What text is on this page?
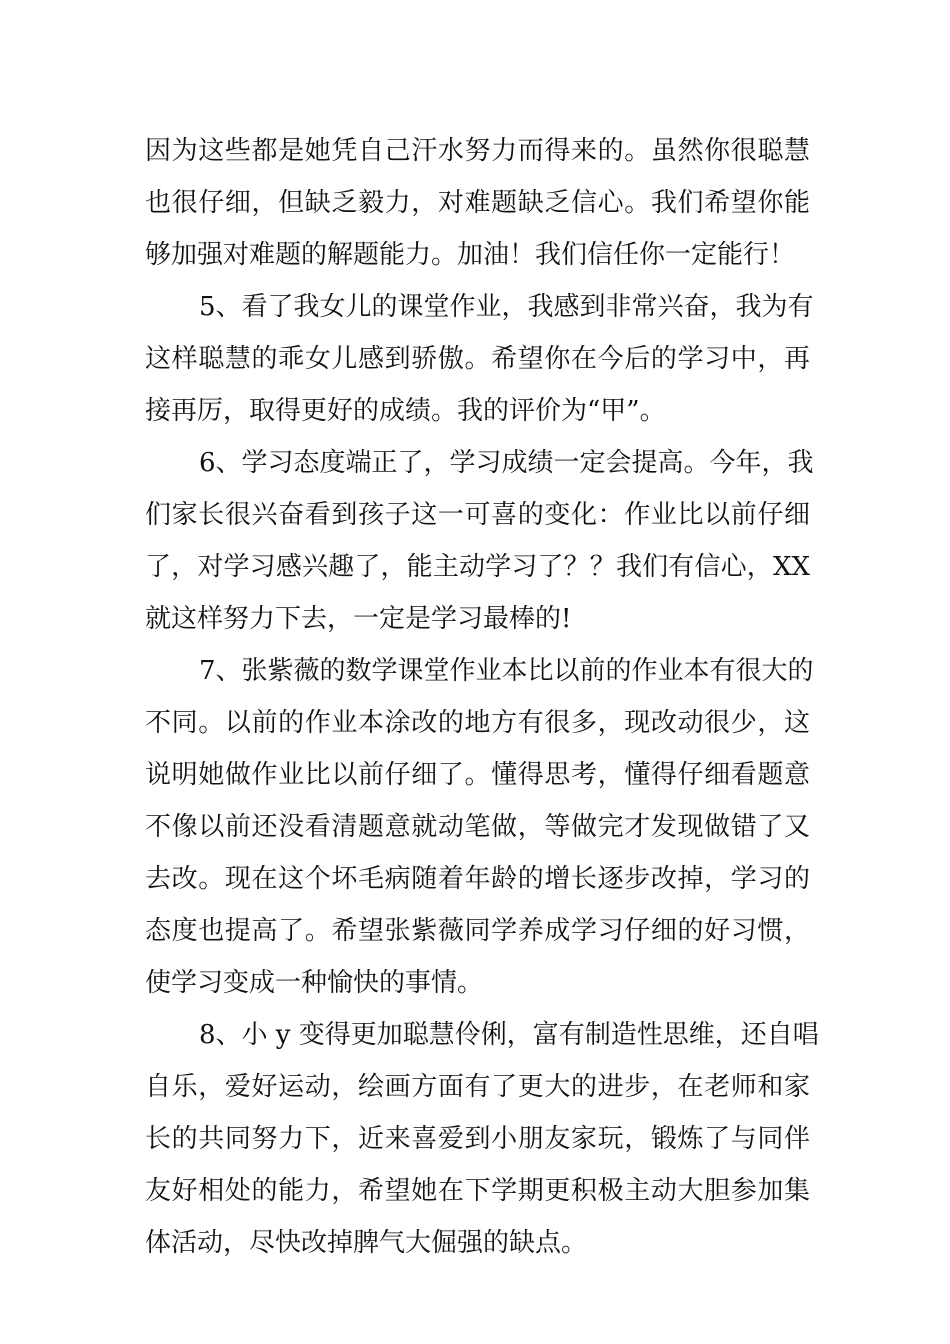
因为这些都是她凭自己汗水努力而得来的。虽然你很聪慧
也很仔细，但缺乏毅力，对难题缺乏信心。我们希望你能
够加强对难题的解题能力。加油！我们信任你一定能行！
5、看了我女儿的课堂作业，我感到非常兴奋，我为有
这样聪慧的乖女儿感到骄傲。希望你在今后的学习中，再
接再厉，取得更好的成绩。我的评价为“甲”。
6、学习态度端正了，学习成绩一定会提高。今年，我
们家长很兴奋看到孩子这一可喜的变化：作业比以前仔细
了，对学习感兴趣了，能主动学习了？？我们有信心，XX
就这样努力下去，一定是学习最棒的!
7、张紫薇的数学课堂作业本比以前的作业本有很大的
不同。以前的作业本涂改的地方有很多，现改动很少，这
说明她做作业比以前仔细了。懂得思考，懂得仔细看题意
不像以前还没看清题意就动笔做，等做完才发现做错了又
去改。现在这个坏毛病随着年龄的增长逐步改掉，学习的
态度也提高了。希望张紫薇同学养成学习仔细的好习惯，
使学习变成一种愉快的事情。
8、小 y 变得更加聪慧伶俐，富有制造性思维，还自唱
自乐，爱好运动，绘画方面有了更大的进步，在老师和家
长的共同努力下，近来喜爱到小朋友家玩，锻炼了与同伴
友好相处的能力，希望她在下学期更积极主动大胆参加集
体活动，尽快改掉脾气大倔强的缺点。
